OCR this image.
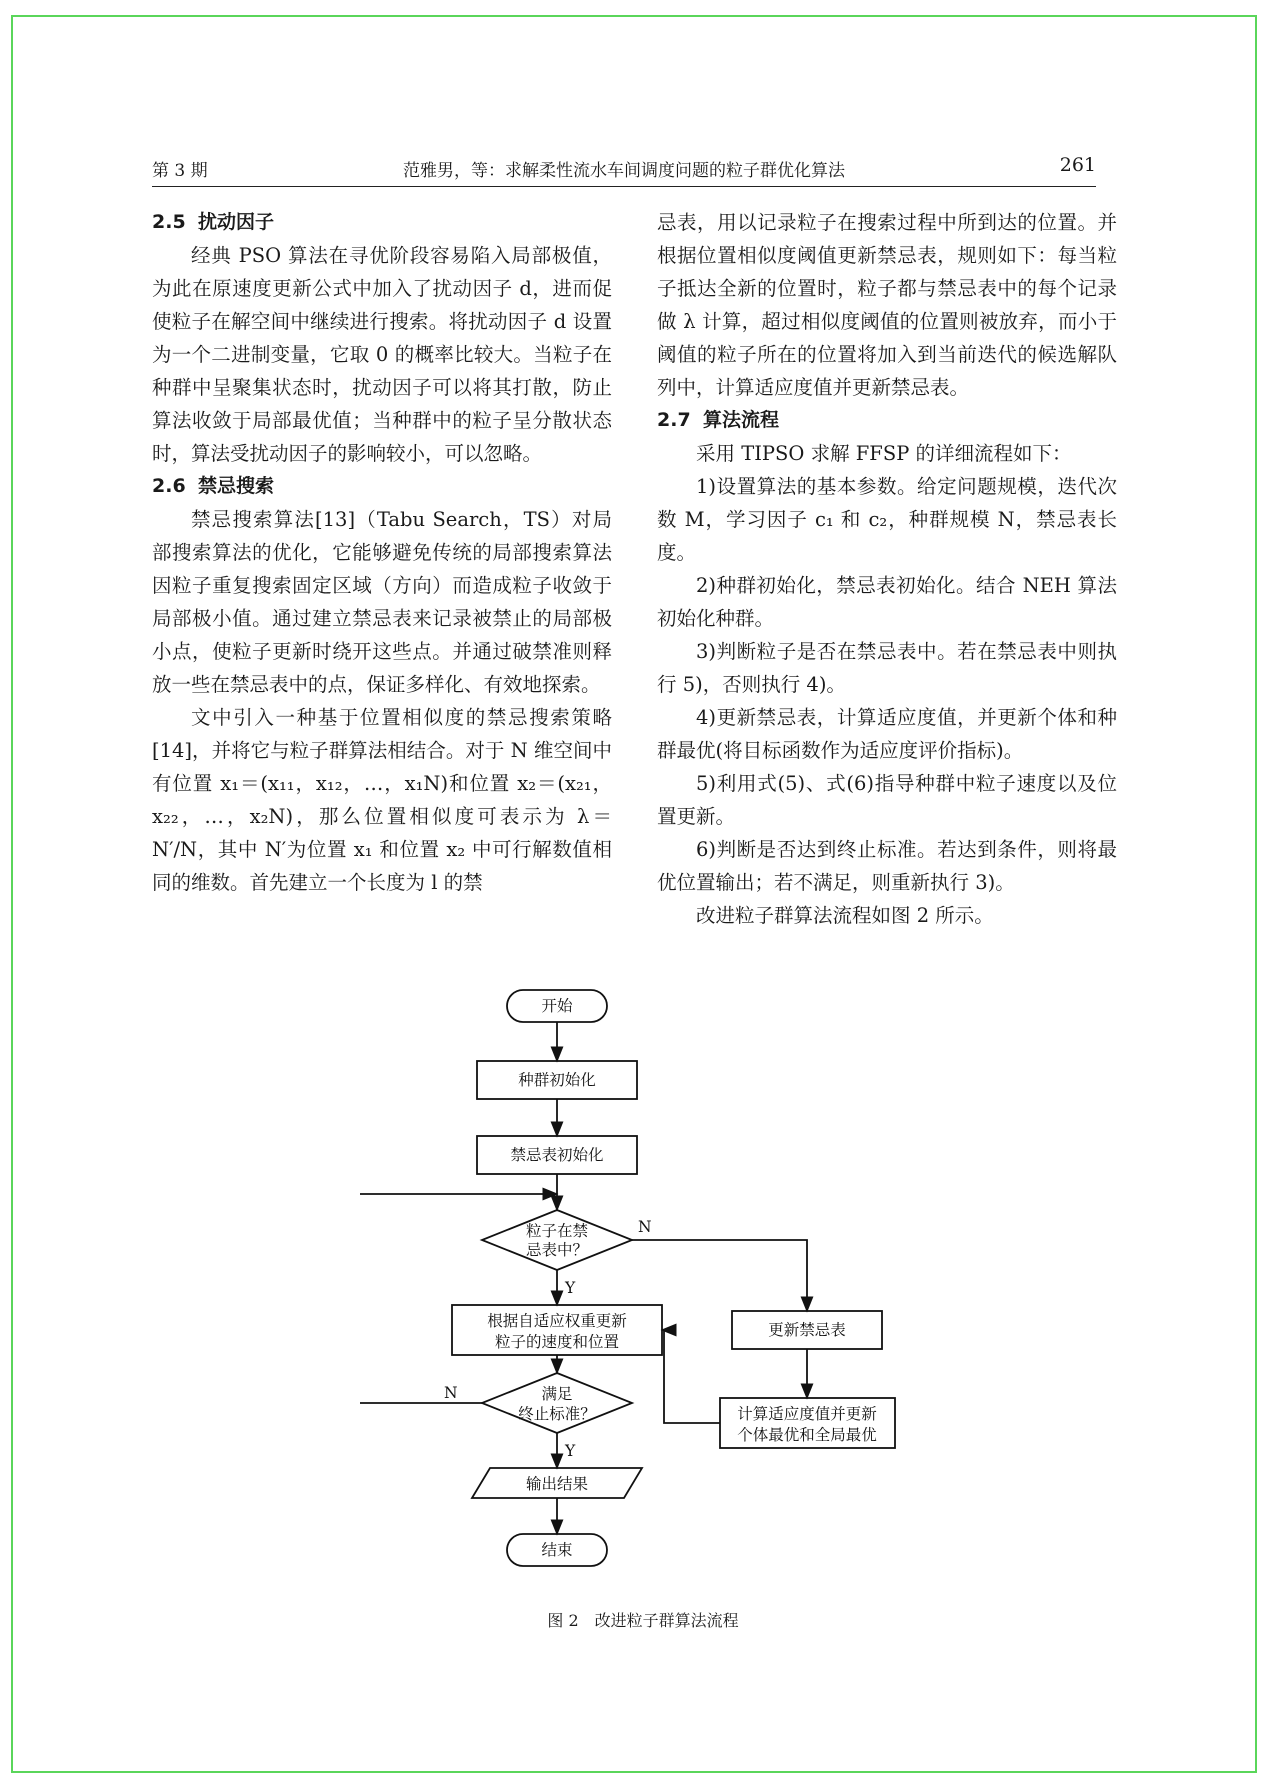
第 3 期	范雅男，等：求解柔性流水车间调度问题的粒子群优化算法	261
2.5 扰动因子

经典 PSO 算法在寻优阶段容易陷入局部极值，为此在原速度更新公式中加入了扰动因子 d，进而促使粒子在解空间中继续进行搜索。将扰动因子 d 设置为一个二进制变量，它取 0 的概率比较大。当粒子在种群中呈聚集状态时，扰动因子可以将其打散，防止算法收敛于局部最优值；当种群中的粒子呈分散状态时，算法受扰动因子的影响较小，可以忽略。

2.6 禁忌搜索

禁忌搜索算法[13]（Tabu Search，TS）对局部搜索算法的优化，它能够避免传统的局部搜索算法因粒子重复搜索固定区域（方向）而造成粒子收敛于局部极小值。通过建立禁忌表来记录被禁止的局部极小点，使粒子更新时绕开这些点。并通过破禁准则释放一些在禁忌表中的点，保证多样化、有效地探索。

文中引入一种基于位置相似度的禁忌搜索策略[14]，并将它与粒子群算法相结合。对于 N 维空间中有位置 x₁＝(x₁₁，x₁₂，…，x₁N)和位置 x₂＝(x₂₁，x₂₂，…，x₂N)，那么位置相似度可表示为 λ＝N′/N，其中 N′为位置 x₁ 和位置 x₂ 中可行解数值相同的维数。首先建立一个长度为 l 的禁

忌表，用以记录粒子在搜索过程中所到达的位置。并根据位置相似度阈值更新禁忌表，规则如下：每当粒子抵达全新的位置时，粒子都与禁忌表中的每个记录做 λ 计算，超过相似度阈值的位置则被放弃，而小于阈值的粒子所在的位置将加入到当前迭代的候选解队列中，计算适应度值并更新禁忌表。

2.7 算法流程

采用 TIPSO 求解 FFSP 的详细流程如下：

1)设置算法的基本参数。给定问题规模，迭代次数 M，学习因子 c₁ 和 c₂，种群规模 N，禁忌表长度。

2)种群初始化，禁忌表初始化。结合 NEH 算法初始化种群。

3)判断粒子是否在禁忌表中。若在禁忌表中则执行 5)，否则执行 4)。

4)更新禁忌表，计算适应度值，并更新个体和种群最优(将目标函数作为适应度评价指标)。

5)利用式(5)、式(6)指导种群中粒子速度以及位置更新。

6)判断是否达到终止标准。若达到条件，则将最优位置输出；若不满足，则重新执行 3)。

改进粒子群算法流程如图 2 所示。

开始
种群初始化
禁忌表初始化
粒子在禁
忌表中？
根据自适应权重更新
粒子的速度和位置
满足
终止标准？
输出结果
结束
更新禁忌表
计算适应度值并更新
个体最优和全局最优
N
Y
N
Y
图 2　改进粒子群算法流程
